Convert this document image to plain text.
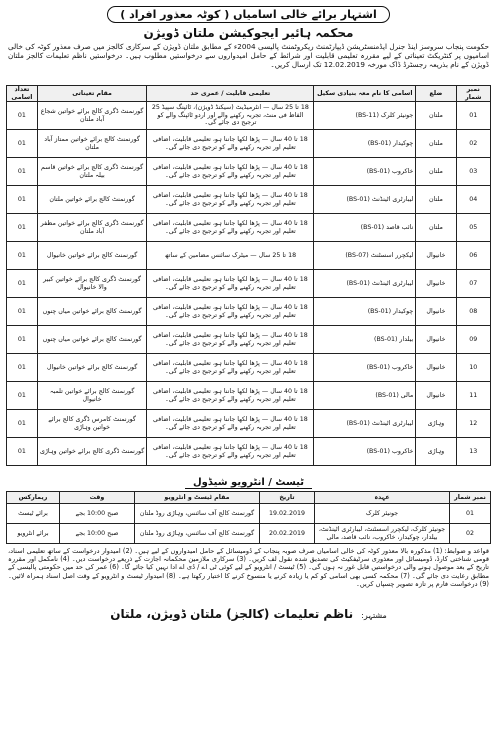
اشتہار برائے خالی اسامیاں ( کوٹہ معذور افراد )
محکمہ ہائیر ایجوکیشن ملتان ڈویژن
حکومت پنجاب سروسز اینڈ جنرل ایڈمنسٹریشن ڈیپارٹمنٹ ریکروٹمنٹ پالیسی 2004ء کے مطابق ملتان ڈویژن کے سرکاری کالجز میں صرف معذور کوٹہ کی خالی اسامیوں پر کنٹریکٹ تعیناتی کے لیے مقررہ تعلیمی قابلیت اور شرائط کے حامل امیدواروں سے درخواستیں مطلوب ہیں۔ درخواستیں ناظم تعلیمات کالجز ملتان ڈویژن کے نام بذریعہ رجسٹرڈ ڈاک مورخہ 12.02.2019 تک ارسال کریں۔
نمبر شمار	ضلع	اسامی کا نام معہ بنیادی سکیل	تعلیمی قابلیت / عمری حد	مقام تعیناتی	تعداد اسامی
01	ملتان	جونیئر کلرک (BS-11)	18 تا 25 سال — انٹرمیڈیٹ (سیکنڈ ڈویژن)، ٹائپنگ سپیڈ 25 الفاظ فی منٹ، تجربہ رکھنے والے اور اردو ٹائپنگ والے کو ترجیح دی جائے گی۔	گورنمنٹ ڈگری کالج برائے خواتین شجاع آباد ملتان	01
02	ملتان	چوکیدار (BS-01)	18 تا 40 سال — پڑھا لکھا جاننا ہو، تعلیمی قابلیت، اضافی تعلیم اور تجربہ رکھنے والے کو ترجیح دی جائے گی۔	گورنمنٹ کالج برائے خواتین ممتاز آباد ملتان	01
03	ملتان	خاکروب (BS-01)	18 تا 40 سال — پڑھا لکھا جاننا ہو، تعلیمی قابلیت، اضافی تعلیم اور تجربہ رکھنے والے کو ترجیح دی جائے گی۔	گورنمنٹ ڈگری کالج برائے خواتین قاسم بیلہ ملتان	01
04	ملتان	لیبارٹری اٹینڈنٹ (BS-01)	18 تا 40 سال — پڑھا لکھا جاننا ہو، تعلیمی قابلیت، اضافی تعلیم اور تجربہ رکھنے والے کو ترجیح دی جائے گی۔	گورنمنٹ کالج برائے خواتین ملتان	01
05	ملتان	نائب قاصد (BS-01)	18 تا 40 سال — پڑھا لکھا جاننا ہو، تعلیمی قابلیت، اضافی تعلیم اور تجربہ رکھنے والے کو ترجیح دی جائے گی۔	گورنمنٹ ڈگری کالج برائے خواتین مظفر آباد ملتان	01
06	خانیوال	لیکچرر اسسٹنٹ (BS-07)	18 تا 25 سال — میٹرک سائنس مضامین کے ساتھ	گورنمنٹ کالج برائے خواتین خانیوال	01
07	خانیوال	لیبارٹری اٹینڈنٹ (BS-01)	18 تا 40 سال — پڑھا لکھا جاننا ہو، تعلیمی قابلیت، اضافی تعلیم اور تجربہ رکھنے والے کو ترجیح دی جائے گی۔	گورنمنٹ ڈگری کالج برائے خواتین کبیر والا خانیوال	01
08	خانیوال	چوکیدار (BS-01)	18 تا 40 سال — پڑھا لکھا جاننا ہو، تعلیمی قابلیت، اضافی تعلیم اور تجربہ رکھنے والے کو ترجیح دی جائے گی۔	گورنمنٹ کالج برائے خواتین میاں چنوں	01
09	خانیوال	بیلدار (BS-01)	18 تا 40 سال — پڑھا لکھا جاننا ہو، تعلیمی قابلیت، اضافی تعلیم اور تجربہ رکھنے والے کو ترجیح دی جائے گی۔	گورنمنٹ کالج برائے خواتین میاں چنوں	01
10	خانیوال	خاکروب (BS-01)	18 تا 40 سال — پڑھا لکھا جاننا ہو، تعلیمی قابلیت، اضافی تعلیم اور تجربہ رکھنے والے کو ترجیح دی جائے گی۔	گورنمنٹ کالج برائے خواتین خانیوال	01
11	خانیوال	مالی (BS-01)	18 تا 40 سال — پڑھا لکھا جاننا ہو، تعلیمی قابلیت، اضافی تعلیم اور تجربہ رکھنے والے کو ترجیح دی جائے گی۔	گورنمنٹ کالج برائے خواتین تلمبہ خانیوال	01
12	وہاڑی	لیبارٹری اٹینڈنٹ (BS-01)	18 تا 40 سال — پڑھا لکھا جاننا ہو، تعلیمی قابلیت، اضافی تعلیم اور تجربہ رکھنے والے کو ترجیح دی جائے گی۔	گورنمنٹ کامرس ڈگری کالج برائے خواتین وہاڑی	01
13	وہاڑی	خاکروب (BS-01)	18 تا 40 سال — پڑھا لکھا جاننا ہو، تعلیمی قابلیت، اضافی تعلیم اور تجربہ رکھنے والے کو ترجیح دی جائے گی۔	گورنمنٹ ڈگری کالج برائے خواتین وہاڑی	01
ٹیسٹ / انٹرویو شیڈول
نمبر شمار	عہدہ	تاریخ	مقام ٹیسٹ و انٹرویو	وقت	ریمارکس
01	جونیئر کلرک	19.02.2019	گورنمنٹ کالج آف سائنس، وہاڑی روڈ ملتان	صبح 10:00 بجے	برائے ٹیسٹ
02	جونیئر کلرک، لیکچرر اسسٹنٹ، لیبارٹری اٹینڈنٹ، بیلدار، چوکیدار، خاکروب، نائب قاصد، مالی	20.02.2019	گورنمنٹ کالج آف سائنس، وہاڑی روڈ ملتان	صبح 10:00 بجے	برائے انٹرویو
قواعد و ضوابط: (1) مذکورہ بالا معذور کوٹہ کی خالی اسامیاں صرف صوبہ پنجاب کے ڈومیسائل کے حامل امیدواروں کے لیے ہیں۔ (2) امیدوار درخواست کے ساتھ تعلیمی اسناد، قومی شناختی کارڈ، ڈومیسائل اور معذوری سرٹیفکیٹ کی تصدیق شدہ نقول لف کریں۔ (3) سرکاری ملازمین محکمانہ اجازت کے ذریعے درخواست دیں۔ (4) نامکمل اور مقررہ تاریخ کے بعد موصول ہونے والی درخواستیں قابل غور نہ ہوں گی۔ (5) ٹیسٹ / انٹرویو کے لیے کوئی ٹی اے / ڈی اے ادا نہیں کیا جائے گا۔ (6) عمر کی حد میں حکومتی پالیسی کے مطابق رعایت دی جائے گی۔ (7) محکمہ کسی بھی اسامی کو کم یا زیادہ کرنے یا منسوخ کرنے کا اختیار رکھتا ہے۔ (8) امیدوار ٹیسٹ و انٹرویو کے وقت اصل اسناد ہمراہ لائیں۔ (9) درخواست فارم پر تازہ تصویر چسپاں کریں۔
مشتہر:
ناظم تعلیمات (کالجز) ملتان ڈویژن، ملتان
